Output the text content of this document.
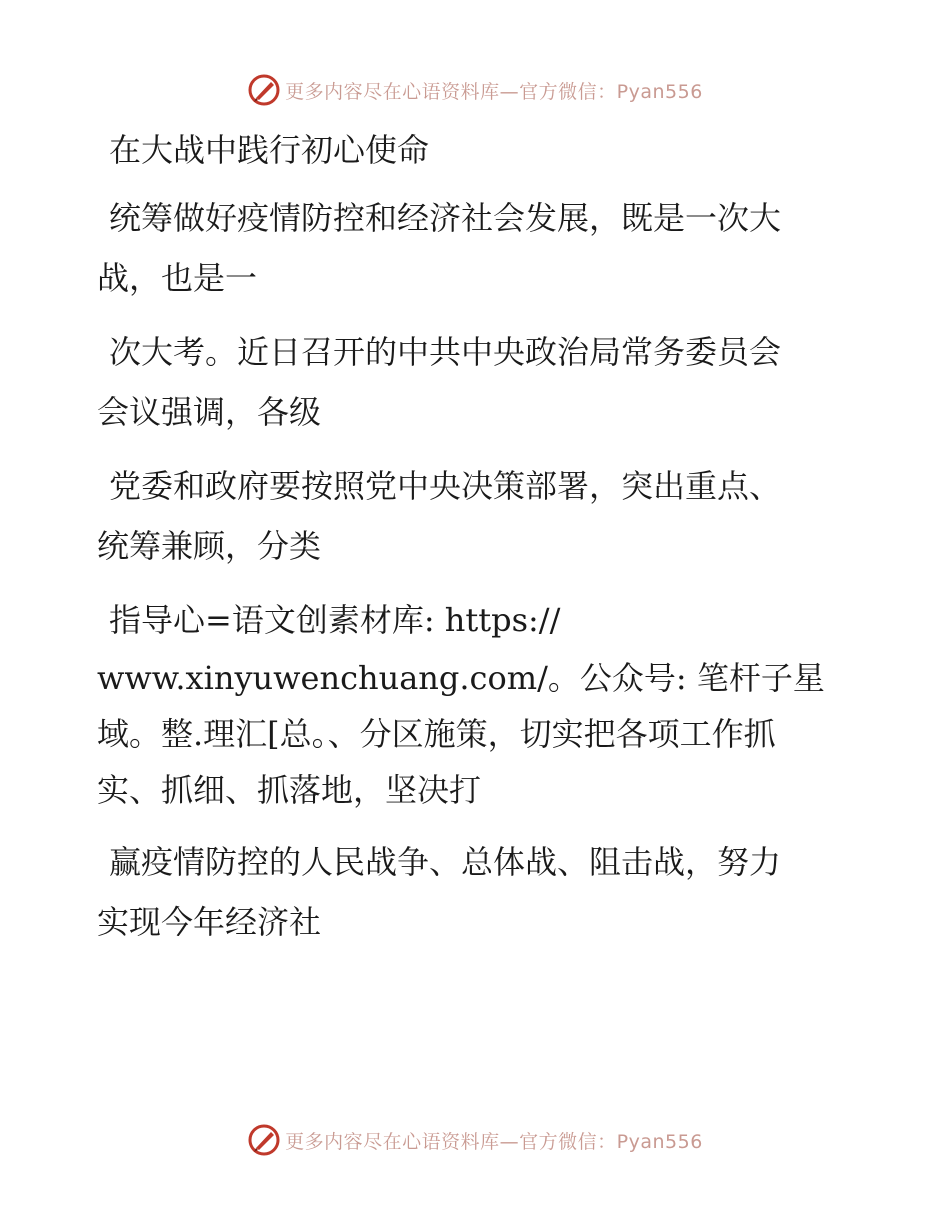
更多内容尽在心语资料库—官方微信：Pyan556

在大战中践行初心使命

统筹做好疫情防控和经济社会发展，既是一次大
战，也是一

次大考。近日召开的中共中央政治局常务委员会
会议强调，各级

党委和政府要按照党中央决策部署，突出重点、
统筹兼顾，分类

指导心=语文创素材库: https://
www.xinyuwenchuang.com/。公众号: 笔杆子星
域。整.理汇[总。、分区施策，切实把各项工作抓
实、抓细、抓落地，坚决打

赢疫情防控的人民战争、总体战、阻击战，努力
实现今年经济社

更多内容尽在心语资料库—官方微信：Pyan556
